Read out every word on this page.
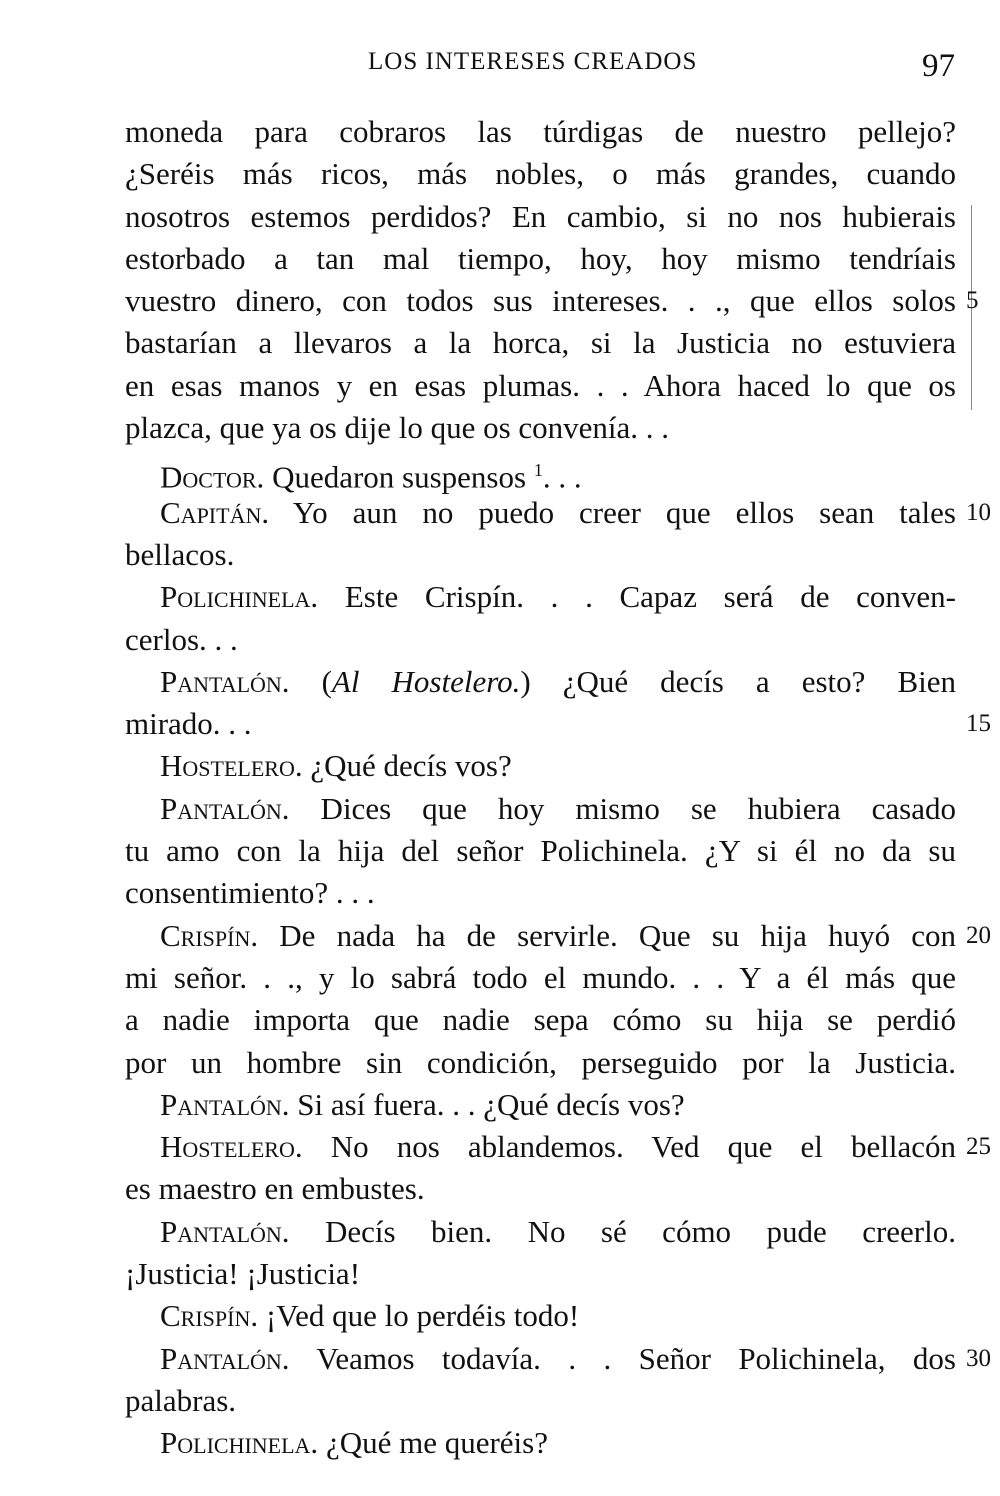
LOS INTERESES CREADOS	97
moneda para cobraros las túrdigas de nuestro pellejo?
¿Seréis más ricos, más nobles, o más grandes, cuando
nosotros estemos perdidos? En cambio, si no nos hubierais
estorbado a tan mal tiempo, hoy, hoy mismo tendríais
vuestro dinero, con todos sus intereses. . ., que ellos solos 5
bastarían a llevaros a la horca, si la Justicia no estuviera
en esas manos y en esas plumas. . . Ahora haced lo que os
plazca, que ya os dije lo que os convenía. . .
Doctor. Quedaron suspensos $^1$. . .
Capitán. Yo aun no puedo creer que ellos sean tales 10
bellacos.
Polichinela. Este Crispín. . . Capaz será de conven-
cerlos. . .
Pantalón. (Al Hostelero.) ¿Qué decís a esto? Bien
mirado. . .	15
Hostelero. ¿Qué decís vos?
Pantalón. Dices que hoy mismo se hubiera casado
tu amo con la hija del señor Polichinela. ¿Y si él no da su
consentimiento? . . .
Crispín. De nada ha de servirle. Que su hija huyó con 20
mi señor. . ., y lo sabrá todo el mundo. . . Y a él más que
a nadie importa que nadie sepa cómo su hija se perdió
por un hombre sin condición, perseguido por la Justicia.
Pantalón. Si así fuera. . . ¿Qué decís vos?
Hostelero. No nos ablandemos. Ved que el bellacón 25
es maestro en embustes.
Pantalón. Decís bien. No sé cómo pude creerlo.
¡Justicia! ¡Justicia!
Crispín. ¡Ved que lo perdéis todo!
Pantalón. Veamos todavía. . . Señor Polichinela, dos 30
palabras.
Polichinela. ¿Qué me queréis?
